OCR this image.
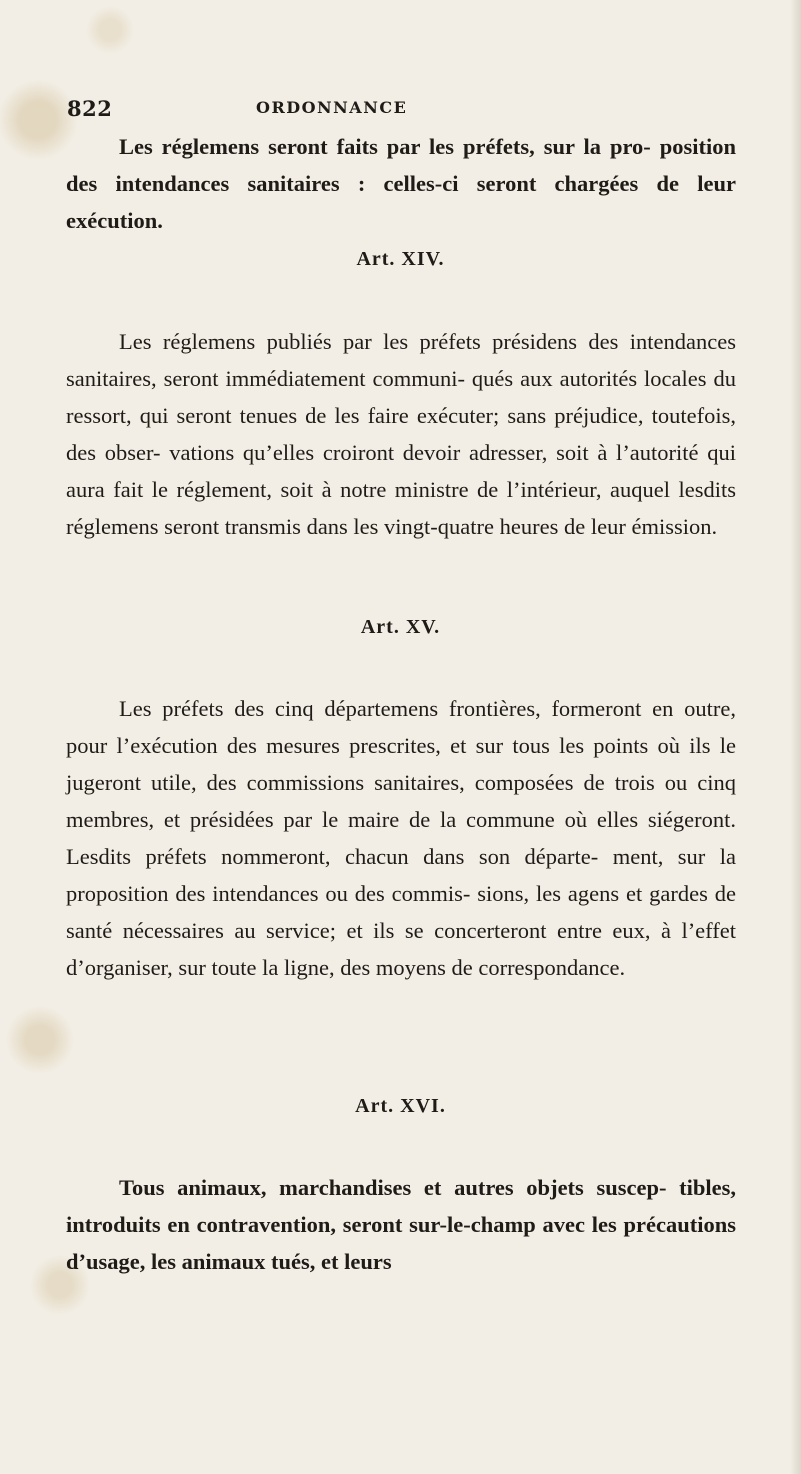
822	ORDONNANCE

Les réglemens seront faits par les préfets, sur la pro- position des intendances sanitaires : celles-ci seront chargées de leur exécution.

Art. XIV.

Les réglemens publiés par les préfets présidens des intendances sanitaires, seront immédiatement communi- qués aux autorités locales du ressort, qui seront tenues de les faire exécuter; sans préjudice, toutefois, des obser- vations qu’elles croiront devoir adresser, soit à l’autorité qui aura fait le réglement, soit à notre ministre de l’intérieur, auquel lesdits réglemens seront transmis dans les vingt-quatre heures de leur émission.

Art. XV.

Les préfets des cinq départemens frontières, formeront en outre, pour l’exécution des mesures prescrites, et sur tous les points où ils le jugeront utile, des commissions sanitaires, composées de trois ou cinq membres, et présidées par le maire de la commune où elles siégeront. Lesdits préfets nommeront, chacun dans son départe- ment, sur la proposition des intendances ou des commis- sions, les agens et gardes de santé nécessaires au service; et ils se concerteront entre eux, à l’effet d’organiser, sur toute la ligne, des moyens de correspondance.

Art. XVI.

Tous animaux, marchandises et autres objets suscep- tibles, introduits en contravention, seront sur-le-champ avec les précautions d’usage, les animaux tués, et leurs
